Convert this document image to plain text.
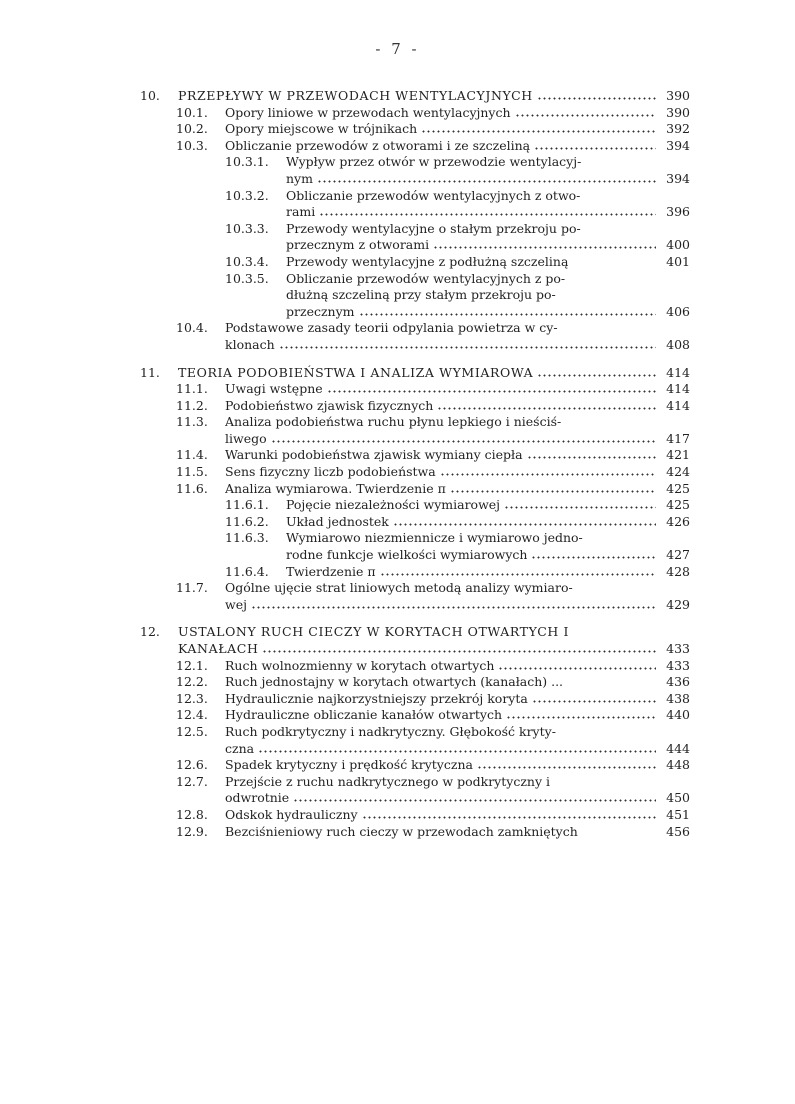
- 7 -
10.	PRZEPŁYWY W PRZEWODACH WENTYLACYJNYCH	390
10.1.	Opory liniowe w przewodach wentylacyjnych	390
10.2.	Opory miejscowe w trójnikach	392
10.3.	Obliczanie przewodów z otworami i ze szczeliną	394
10.3.1.	Wypływ przez otwór w przewodzie wentylacyj-
nym	394
10.3.2.	Obliczanie przewodów wentylacyjnych z otwo-
rami	396
10.3.3.	Przewody wentylacyjne o stałym przekroju po-
przecznym z otworami	400
10.3.4.	Przewody wentylacyjne z podłużną szczeliną	401
10.3.5.	Obliczanie przewodów wentylacyjnych z po-
dłużną szczeliną przy stałym przekroju po-
przecznym	406
10.4.	Podstawowe zasady teorii odpylania powietrza w cy-
klonach	408
11.	TEORIA PODOBIEŃSTWA I ANALIZA WYMIAROWA	414
11.1.	Uwagi wstępne	414
11.2.	Podobieństwo zjawisk fizycznych	414
11.3.	Analiza podobieństwa ruchu płynu lepkiego i nieściś-
liwego	417
11.4.	Warunki podobieństwa zjawisk wymiany ciepła	421
11.5.	Sens fizyczny liczb podobieństwa	424
11.6.	Analiza wymiarowa. Twierdzenie π	425
11.6.1.	Pojęcie niezależności wymiarowej	425
11.6.2.	Układ jednostek	426
11.6.3.	Wymiarowo niezmiennicze i wymiarowo jedno-
rodne funkcje wielkości wymiarowych	427
11.6.4.	Twierdzenie π	428
11.7.	Ogólne ujęcie strat liniowych metodą analizy wymiaro-
wej	429
12.	USTALONY RUCH CIECZY W KORYTACH OTWARTYCH I
KANAŁACH	433
12.1.	Ruch wolnozmienny w korytach otwartych	433
12.2.	Ruch jednostajny w korytach otwartych (kanałach) ...	436
12.3.	Hydraulicznie najkorzystniejszy przekrój koryta	438
12.4.	Hydrauliczne obliczanie kanałów otwartych	440
12.5.	Ruch podkrytyczny i nadkrytyczny. Głębokość kryty-
czna	444
12.6.	Spadek krytyczny i prędkość krytyczna	448
12.7.	Przejście z ruchu nadkrytycznego w podkrytyczny i
odwrotnie	450
12.8.	Odskok hydrauliczny	451
12.9.	Bezciśnieniowy ruch cieczy w przewodach zamkniętych	456
